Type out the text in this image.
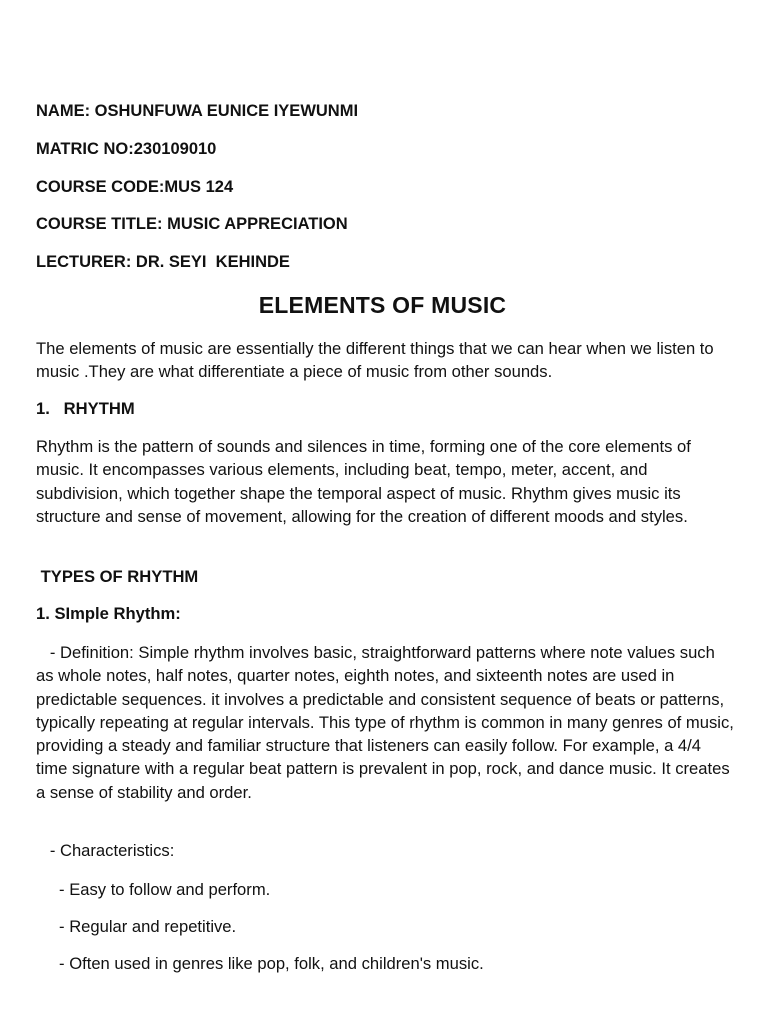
NAME: OSHUNFUWA EUNICE IYEWUNMI
MATRIC NO:230109010
COURSE CODE:MUS 124
COURSE TITLE: MUSIC APPRECIATION
LECTURER: DR. SEYI  KEHINDE
ELEMENTS OF MUSIC
The elements of music are essentially the different things that we can hear when we listen to music .They are what differentiate a piece of music from other sounds.
1.   RHYTHM
Rhythm is the pattern of sounds and silences in time, forming one of the core elements of music. It encompasses various elements, including beat, tempo, meter, accent, and subdivision, which together shape the temporal aspect of music. Rhythm gives music its structure and sense of movement, allowing for the creation of different moods and styles.
TYPES OF RHYTHM
1. SImple Rhythm:
- Definition: Simple rhythm involves basic, straightforward patterns where note values such as whole notes, half notes, quarter notes, eighth notes, and sixteenth notes are used in predictable sequences. it involves a predictable and consistent sequence of beats or patterns, typically repeating at regular intervals. This type of rhythm is common in many genres of music, providing a steady and familiar structure that listeners can easily follow. For example, a 4/4 time signature with a regular beat pattern is prevalent in pop, rock, and dance music. It creates a sense of stability and order.
- Characteristics:
- Easy to follow and perform.
- Regular and repetitive.
- Often used in genres like pop, folk, and children's music.
